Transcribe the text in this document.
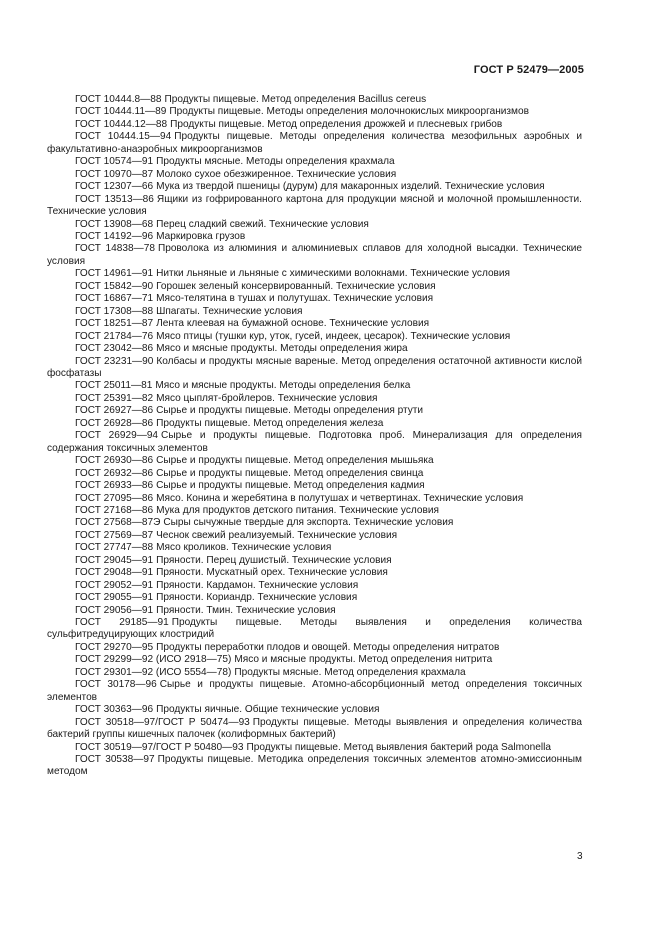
ГОСТ Р 52479—2005
ГОСТ 10444.8—88 Продукты пищевые. Метод определения Bacillus cereus
ГОСТ 10444.11—89 Продукты пищевые. Методы определения молочнокислых микроорганизмов
ГОСТ 10444.12—88 Продукты пищевые. Метод определения дрожжей и плесневых грибов
ГОСТ 10444.15—94 Продукты пищевые. Методы определения количества мезофильных аэробных и факультативно-анаэробных микроорганизмов
ГОСТ 10574—91 Продукты мясные. Методы определения крахмала
ГОСТ 10970—87 Молоко сухое обезжиренное. Технические условия
ГОСТ 12307—66 Мука из твердой пшеницы (дурум) для макаронных изделий. Технические условия
ГОСТ 13513—86 Ящики из гофрированного картона для продукции мясной и молочной промышленности. Технические условия
ГОСТ 13908—68 Перец сладкий свежий. Технические условия
ГОСТ 14192—96 Маркировка грузов
ГОСТ 14838—78 Проволока из алюминия и алюминиевых сплавов для холодной высадки. Технические условия
ГОСТ 14961—91 Нитки льняные и льняные с химическими волокнами. Технические условия
ГОСТ 15842—90 Горошек зеленый консервированный. Технические условия
ГОСТ 16867—71 Мясо-телятина в тушах и полутушах. Технические условия
ГОСТ 17308—88 Шпагаты. Технические условия
ГОСТ 18251—87 Лента клеевая на бумажной основе. Технические условия
ГОСТ 21784—76 Мясо птицы (тушки кур, уток, гусей, индеек, цесарок). Технические условия
ГОСТ 23042—86 Мясо и мясные продукты. Методы определения жира
ГОСТ 23231—90 Колбасы и продукты мясные вареные. Метод определения остаточной активности кислой фосфатазы
ГОСТ 25011—81 Мясо и мясные продукты. Методы определения белка
ГОСТ 25391—82 Мясо цыплят-бройлеров. Технические условия
ГОСТ 26927—86 Сырье и продукты пищевые. Методы определения ртути
ГОСТ 26928—86 Продукты пищевые. Метод определения железа
ГОСТ 26929—94 Сырье и продукты пищевые. Подготовка проб. Минерализация для определения содержания токсичных элементов
ГОСТ 26930—86 Сырье и продукты пищевые. Метод определения мышьяка
ГОСТ 26932—86 Сырье и продукты пищевые. Метод определения свинца
ГОСТ 26933—86 Сырье и продукты пищевые. Метод определения кадмия
ГОСТ 27095—86 Мясо. Конина и жеребятина в полутушах и четвертинах. Технические условия
ГОСТ 27168—86 Мука для продуктов детского питания. Технические условия
ГОСТ 27568—87Э Сыры сычужные твердые для экспорта. Технические условия
ГОСТ 27569—87 Чеснок свежий реализуемый. Технические условия
ГОСТ 27747—88 Мясо кроликов. Технические условия
ГОСТ 29045—91 Пряности. Перец душистый. Технические условия
ГОСТ 29048—91 Пряности. Мускатный орех. Технические условия
ГОСТ 29052—91 Пряности. Кардамон. Технические условия
ГОСТ 29055—91 Пряности. Кориандр. Технические условия
ГОСТ 29056—91 Пряности. Тмин. Технические условия
ГОСТ 29185—91 Продукты пищевые. Методы выявления и определения количества сульфитредуцирующих клостридий
ГОСТ 29270—95 Продукты переработки плодов и овощей. Методы определения нитратов
ГОСТ 29299—92 (ИСО 2918—75) Мясо и мясные продукты. Метод определения нитрита
ГОСТ 29301—92 (ИСО 5554—78) Продукты мясные. Метод определения крахмала
ГОСТ 30178—96 Сырье и продукты пищевые. Атомно-абсорбционный метод определения токсичных элементов
ГОСТ 30363—96 Продукты яичные. Общие технические условия
ГОСТ 30518—97/ГОСТ Р 50474—93 Продукты пищевые. Методы выявления и определения количества бактерий группы кишечных палочек (колиформных бактерий)
ГОСТ 30519—97/ГОСТ Р 50480—93 Продукты пищевые. Метод выявления бактерий рода Salmonella
ГОСТ 30538—97 Продукты пищевые. Методика определения токсичных элементов атомно-эмиссионным методом
3
